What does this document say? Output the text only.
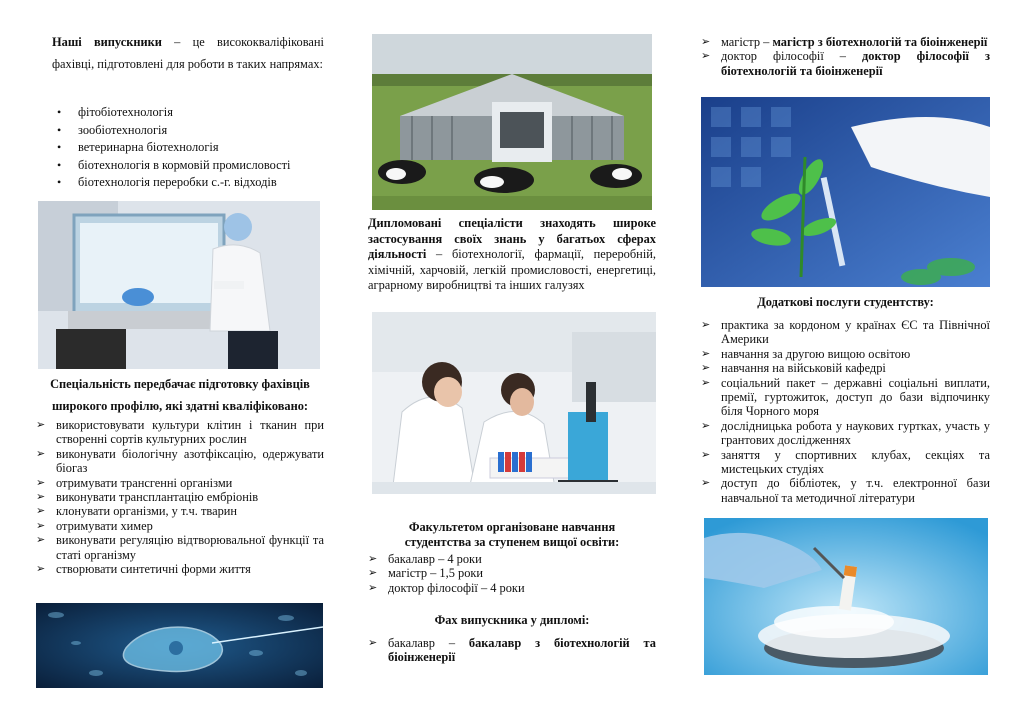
Наші випускники – це висококваліфіковані фахівці, підготовлені для роботи в таких напрямах:

• фітобіотехнологія
• зообіотехнологія
• ветеринарна біотехнологія
• біотехнологія в кормовій промисловості
• біотехнологія переробки с.-г. відходів
Спеціальність передбачає підготовку фахівців
широкого профілю, які здатні кваліфіковано:
➢ використовувати культури клітин і тканин при створенні сортів культурних рослин
➢ виконувати біологічну азотфіксацію, одержувати біогаз
➢ отримувати трансгенні організми
➢ виконувати трансплантацію ембріонів
➢ клонувати організми, у т.ч. тварин
➢ отримувати химер
➢ виконувати регуляцію відтворювальної функції та статі організму
➢ створювати синтетичні форми життя

Дипломовані спеціалісти знаходять широке застосування своїх знань у багатьох сферах діяльності – біотехнології, фармації, переробній, хімічній, харчовій, легкій промисловості, енергетиці, аграрному виробництві та інших галузях

Факультетом організоване навчання студентства за ступенем вищої освіти:
➢ бакалавр – 4 роки
➢ магістр – 1,5 роки
➢ доктор філософії – 4 роки
Фах випускника у дипломі:
➢ бакалавр – бакалавр з біотехнологій та біоінженерії
➢ магістр – магістр з біотехнологій та біоінженерії
➢ доктор філософії – доктор філософії з біотехнологій та біоінженерії
Додаткові послуги студентству:
➢ практика за кордоном у країнах ЄС та Північної Америки
➢ навчання за другою вищою освітою
➢ навчання на військовій кафедрі
➢ соціальний пакет – державні соціальні виплати, премії, гуртожиток, доступ до бази відпочинку біля Чорного моря
➢ дослідницька робота у наукових гуртках, участь у грантових дослідженнях
➢ заняття у спортивних клубах, секціях та мистецьких студіях
➢ доступ до бібліотек, у т.ч. електронної бази навчальної та методичної літератури
